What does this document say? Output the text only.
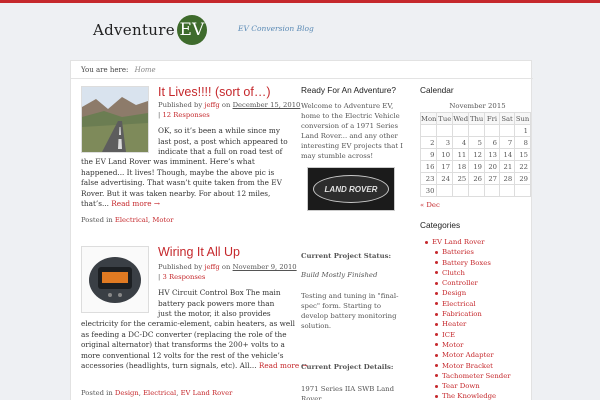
Adventure EV	EV Conversion Blog
You are here: Home
It Lives!!!! (sort of…)
Published by jeffg on December 15, 2010
| 12 Responses
OK, so it’s been a while since my
last post, a post which appeared to
indicate that a full on road test of
the EV Land Rover was imminent. Here’s what
happened... It lives! Though, maybe the above pic is
false advertising. That wasn’t quite taken from the EV
Rover. But it was taken nearby. For about 12 miles,
that’s... Read more →
Posted in Electrical, Motor
Wiring It All Up
Published by jeffg on November 9, 2010
| 3 Responses
HV Circuit Control Box The main
battery pack powers more than
just the motor, it also provides
electricity for the ceramic-element, cabin heaters, as well
as feeding a DC-DC converter (replacing the role of the
original alternator) that transforms the 200+ volts to a
more conventional 12 volts for the rest of the vehicle’s
accessories (headlights, turn signals, etc). All... Read more →
Posted in Design, Electrical, EV Land Rover
Ready For An Adventure?
Welcome to Adventure EV,
home to the Electric Vehicle
conversion of a 1971 Series
Land Rover... and any other
interesting EV projects that I
may stumble across!
LAND ROVER
Current Project Status:
Build Mostly Finished
Testing and tuning in "final-
spec" form. Starting to
develop battery monitoring
solution.
Current Project Details:
1971 Series IIA SWB Land
Rover
Calendar
November 2015
Mon	Tue	Wed	Thu	Fri	Sat	Sun
						1
2	3	4	5	6	7	8
9	10	11	12	13	14	15
16	17	18	19	20	21	22
23	24	25	26	27	28	29
30						
« Dec
Categories
EV Land Rover
Batteries
Battery Boxes
Clutch
Controller
Design
Electrical
Fabrication
Heater
ICE
Motor
Motor Adapter
Motor Bracket
Tachometer Sender
Tear Down
The Knowledge
